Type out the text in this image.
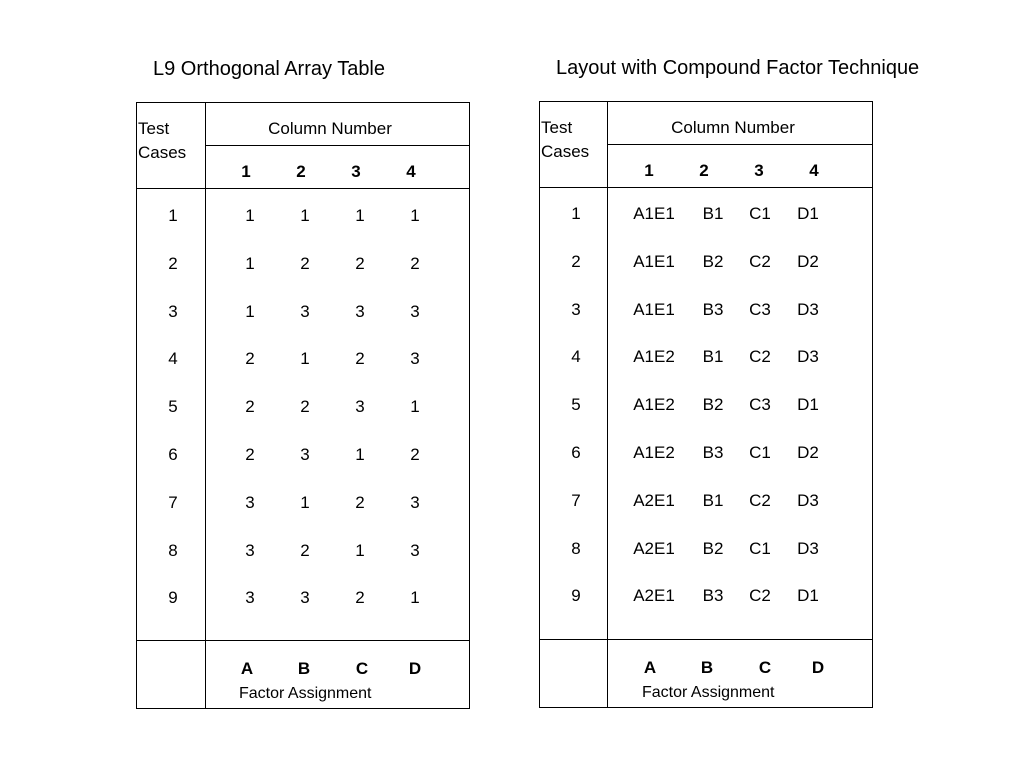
L9 Orthogonal Array Table
Test
Cases
Column Number
1	2	3	4
1	1	1	1	1
2	1	2	2	2
3	1	3	3	3
4	2	1	2	3
5	2	2	3	1
6	2	3	1	2
7	3	1	2	3
8	3	2	1	3
9	3	3	2	1
A	B	C D
Factor Assignment
Layout with Compound Factor Technique
Test
Cases
Column Number
1	2	3	4
1	A1E1 B1 C1 D1
2	A1E1 B2 C2 D2
3	A1E1 B3 C3 D3
4	A1E2 B1 C2 D3
5	A1E2 B2 C3 D1
6	A1E2 B3 C1 D2
7	A2E1 B1 C2 D3
8	A2E1 B2 C1 D3
9	A2E1 B3 C2 D1
A	B	C D
Factor Assignment
